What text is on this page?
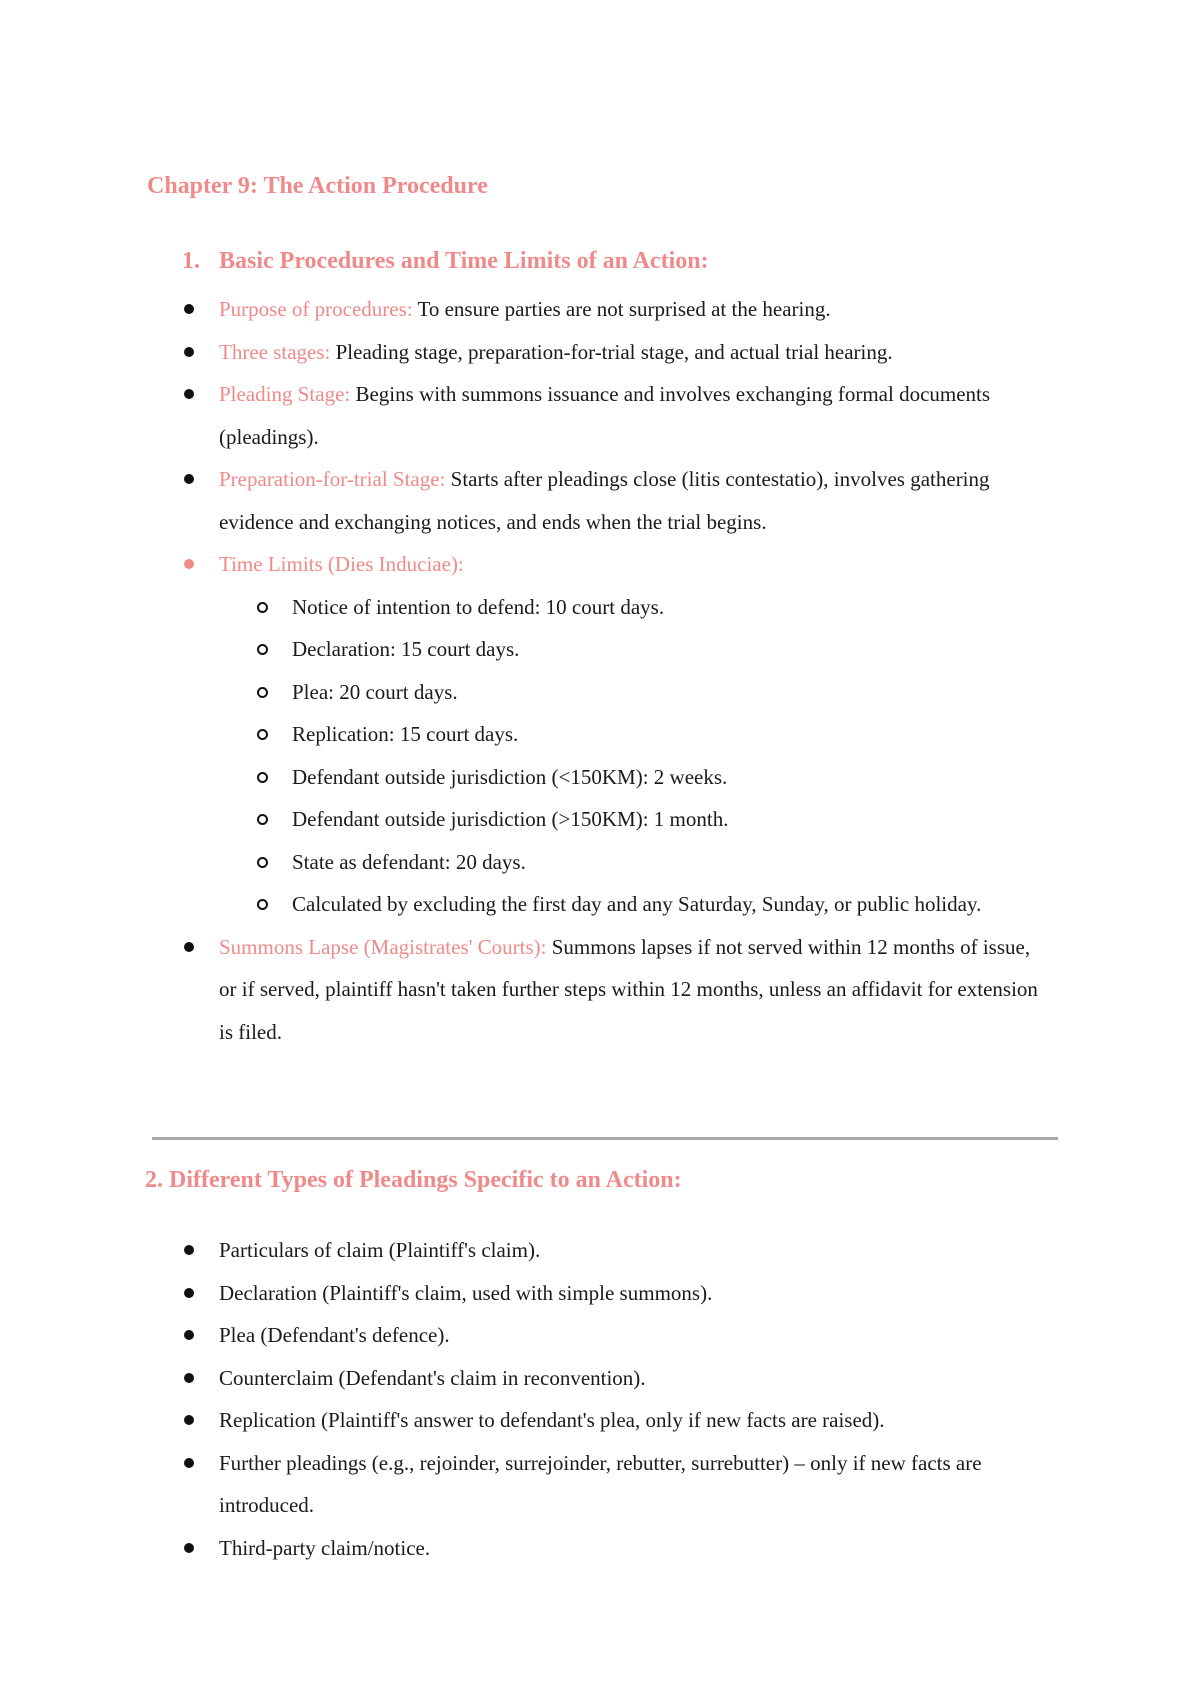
Chapter 9: The Action Procedure
1. Basic Procedures and Time Limits of an Action:
Purpose of procedures: To ensure parties are not surprised at the hearing.
Three stages: Pleading stage, preparation-for-trial stage, and actual trial hearing.
Pleading Stage: Begins with summons issuance and involves exchanging formal documents (pleadings).
Preparation-for-trial Stage: Starts after pleadings close (litis contestatio), involves gathering evidence and exchanging notices, and ends when the trial begins.
Time Limits (Dies Induciae):
Notice of intention to defend: 10 court days.
Declaration: 15 court days.
Plea: 20 court days.
Replication: 15 court days.
Defendant outside jurisdiction (<150KM): 2 weeks.
Defendant outside jurisdiction (>150KM): 1 month.
State as defendant: 20 days.
Calculated by excluding the first day and any Saturday, Sunday, or public holiday.
Summons Lapse (Magistrates' Courts): Summons lapses if not served within 12 months of issue, or if served, plaintiff hasn't taken further steps within 12 months, unless an affidavit for extension is filed.
2. Different Types of Pleadings Specific to an Action:
Particulars of claim (Plaintiff's claim).
Declaration (Plaintiff's claim, used with simple summons).
Plea (Defendant's defence).
Counterclaim (Defendant's claim in reconvention).
Replication (Plaintiff's answer to defendant's plea, only if new facts are raised).
Further pleadings (e.g., rejoinder, surrejoinder, rebutter, surrebutter) – only if new facts are introduced.
Third-party claim/notice.
